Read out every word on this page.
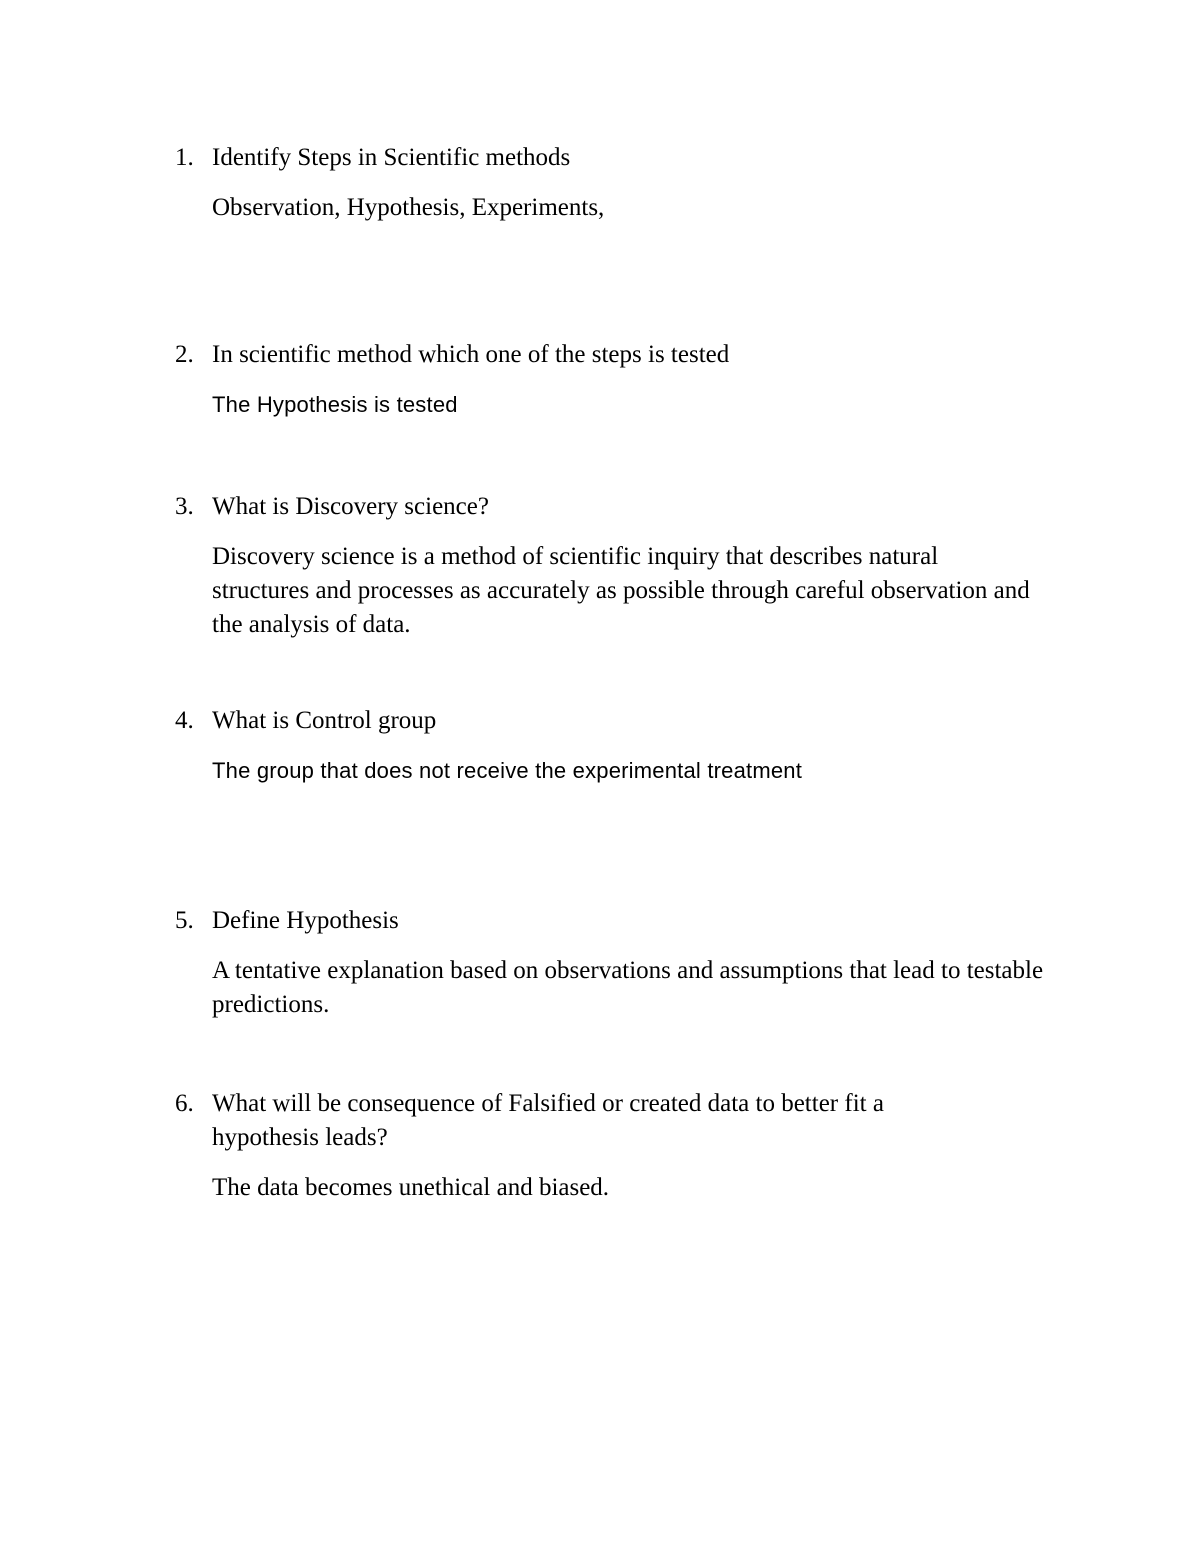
1. Identify Steps in Scientific methods
Observation, Hypothesis, Experiments,
2. In scientific method which one of the steps is tested
The Hypothesis is tested
3. What is Discovery science?
Discovery science is a method of scientific inquiry that describes natural structures and processes as accurately as possible through careful observation and the analysis of data.
4. What is Control group
The group that does not receive the experimental treatment
5. Define Hypothesis
A tentative explanation based on observations and assumptions that lead to testable predictions.
6. What will be consequence of Falsified or created data to better fit a hypothesis leads?
The data becomes unethical and biased.
